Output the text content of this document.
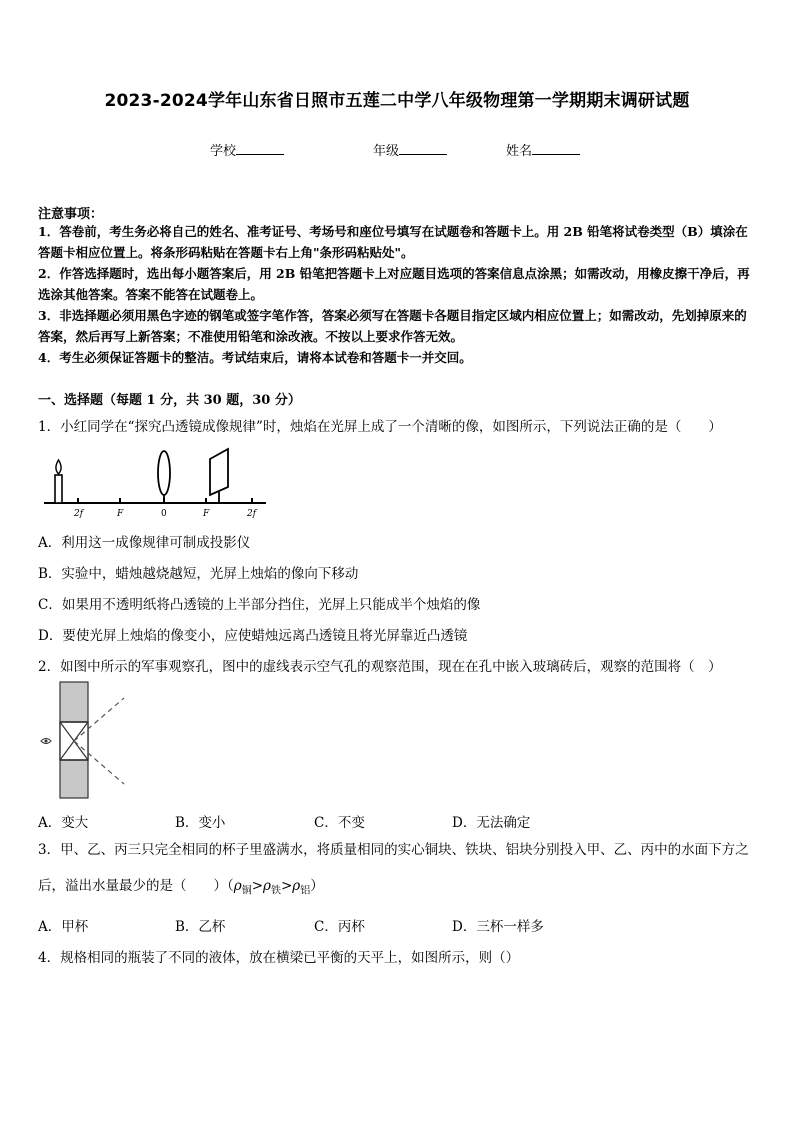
2023-2024学年山东省日照市五莲二中学八年级物理第一学期期末调研试题
学校	年级	姓名
注意事项：

1．答卷前，考生务必将自己的姓名、准考证号、考场号和座位号填写在试题卷和答题卡上。用 2B 铅笔将试卷类型（B）填涂在答题卡相应位置上。将条形码粘贴在答题卡右上角"条形码粘贴处"。

2．作答选择题时，选出每小题答案后，用 2B 铅笔把答题卡上对应题目选项的答案信息点涂黑；如需改动，用橡皮擦干净后，再选涂其他答案。答案不能答在试题卷上。

3．非选择题必须用黑色字迹的钢笔或签字笔作答，答案必须写在答题卡各题目指定区域内相应位置上；如需改动，先划掉原来的答案，然后再写上新答案；不准使用铅笔和涂改液。不按以上要求作答无效。

4．考生必须保证答题卡的整洁。考试结束后，请将本试卷和答题卡一并交回。

一、选择题（每题 1 分，共 30 题，30 分）
1．小红同学在“探究凸透镜成像规律”时，烛焰在光屏上成了一个清晰的像，如图所示，下列说法正确的是（　　）
2f	F	0	F	2f
A．利用这一成像规律可制成投影仪
B．实验中，蜡烛越烧越短，光屏上烛焰的像向下移动
C．如果用不透明纸将凸透镜的上半部分挡住，光屏上只能成半个烛焰的像
D．要使光屏上烛焰的像变小，应使蜡烛远离凸透镜且将光屏靠近凸透镜
2．如图中所示的军事观察孔，图中的虚线表示空气孔的观察范围，现在在孔中嵌入玻璃砖后，观察的范围将（　）
A．变大	B．变小	C．不变	D．无法确定
3．甲、乙、丙三只完全相同的杯子里盛满水，将质量相同的实心铜块、铁块、铝块分别投入甲、乙、丙中的水面下方之后，溢出水量最少的是（　　）$(\rho_铜>\rho_铁>\rho_铝)$
A．甲杯	B．乙杯	C．丙杯	D．三杯一样多
4．规格相同的瓶装了不同的液体，放在横梁已平衡的天平上，如图所示，则（）
